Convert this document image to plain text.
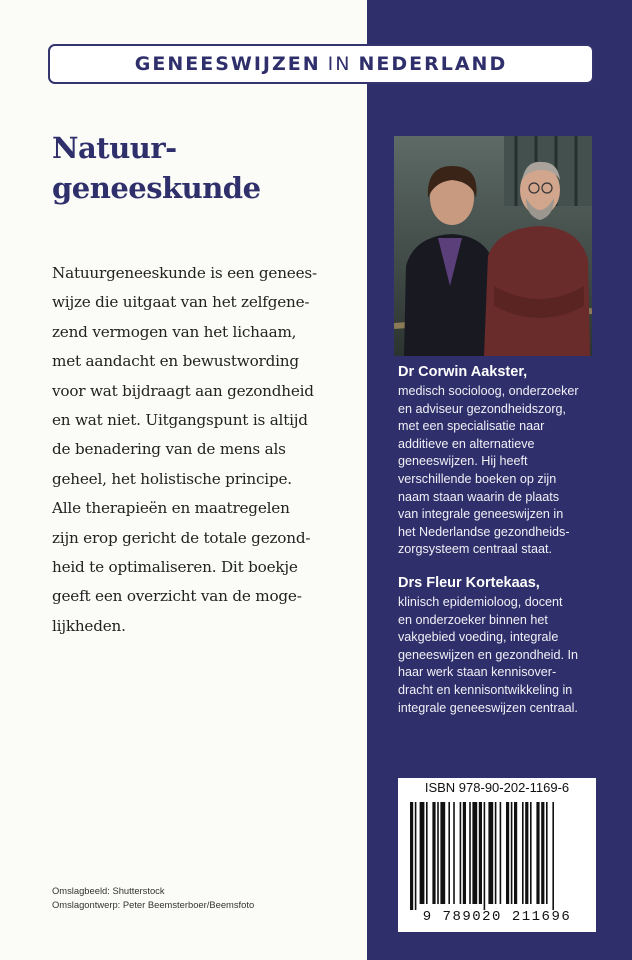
GENEESWIJZEN IN NEDERLAND
Natuur-
geneeskunde
Natuurgeneeskunde is een genees-
wijze die uitgaat van het zelfgene-
zend vermogen van het lichaam,
met aandacht en bewustwording
voor wat bijdraagt aan gezondheid
en wat niet. Uitgangspunt is altijd
de benadering van de mens als
geheel, het holistische principe.
Alle therapieën en maatregelen
zijn erop gericht de totale gezond-
heid te optimaliseren. Dit boekje
geeft een overzicht van de moge-
lijkheden.
Omslagbeeld: Shutterstock
Omslagontwerp: Peter Beemsterboer/Beemsfoto
Dr Corwin Aakster,
medisch socioloog, onderzoeker
en adviseur gezondheidszorg,
met een specialisatie naar
additieve en alternatieve
geneeswijzen. Hij heeft
verschillende boeken op zijn
naam staan waarin de plaats
van integrale geneeswijzen in
het Nederlandse gezondheids-
zorgsysteem centraal staat.
Drs Fleur Kortekaas,
klinisch epidemioloog, docent
en onderzoeker binnen het
vakgebied voeding, integrale
geneeswijzen en gezondheid. In
haar werk staan kennisover-
dracht en kennisontwikkeling in
integrale geneeswijzen centraal.
ISBN 978-90-202-1169-6
9 789020 211696
